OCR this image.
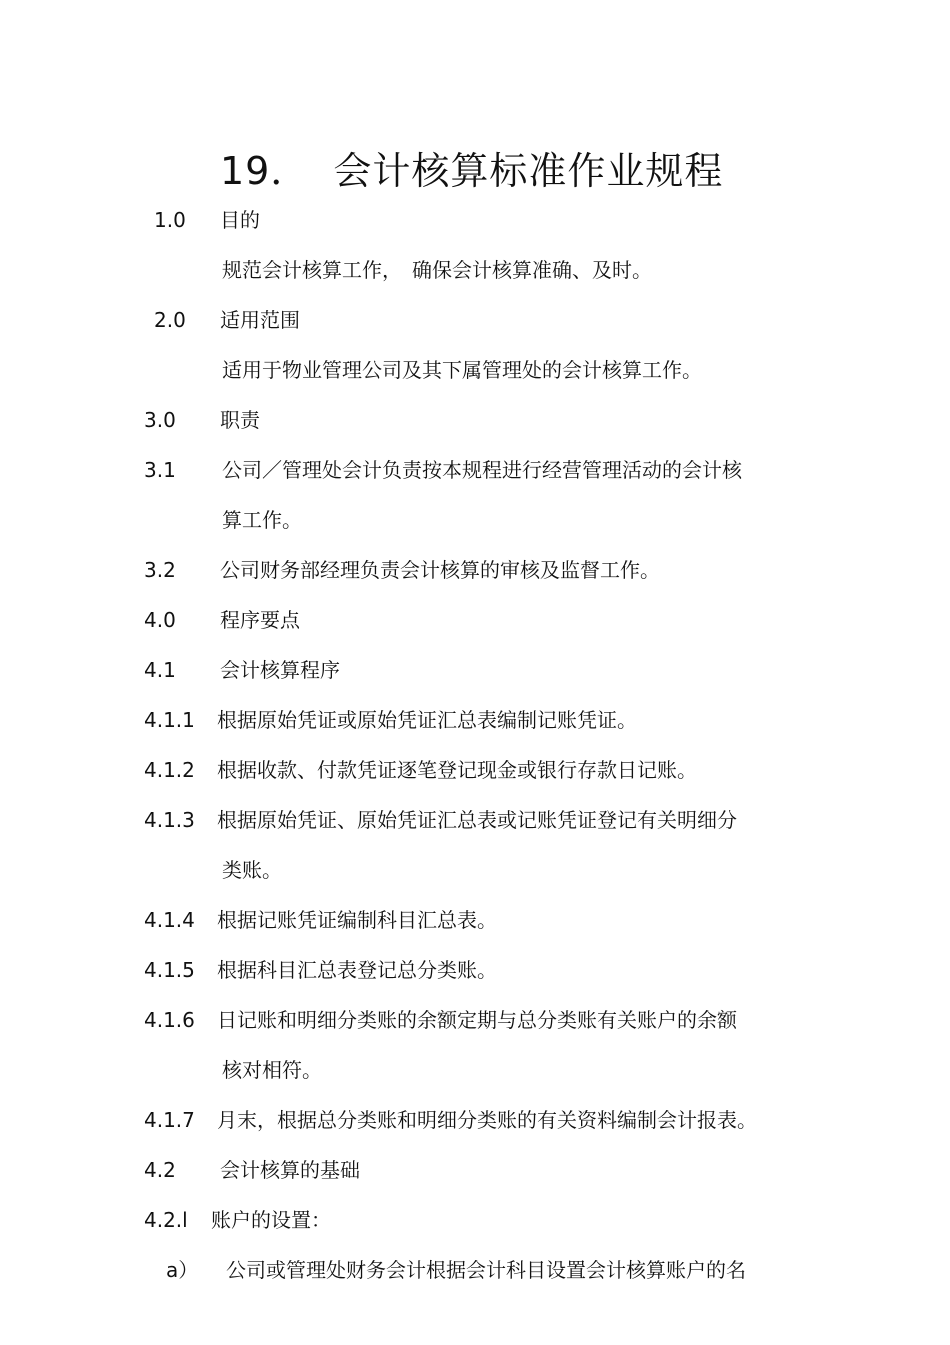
19． 会计核算标准作业规程
1.0 目的
规范会计核算工作，　确保会计核算准确、及时。
2.0 适用范围
适用于物业管理公司及其下属管理处的会计核算工作。
3.0 职责
3.1 公司／管理处会计负责按本规程进行经营管理活动的会计核
算工作。
3.2 公司财务部经理负责会计核算的审核及监督工作。
4.0 程序要点
4.1 会计核算程序
4.1.1 根据原始凭证或原始凭证汇总表编制记账凭证。
4.1.2 根据收款、付款凭证逐笔登记现金或银行存款日记账。
4.1.3 根据原始凭证、原始凭证汇总表或记账凭证登记有关明细分
类账。
4.1.4 根据记账凭证编制科目汇总表。
4.1.5 根据科目汇总表登记总分类账。
4.1.6 日记账和明细分类账的余额定期与总分类账有关账户的余额
核对相符。
4.1.7 月末，根据总分类账和明细分类账的有关资料编制会计报表。
4.2 会计核算的基础
4.2.l 账户的设置：
a） 公司或管理处财务会计根据会计科目设置会计核算账户的名
